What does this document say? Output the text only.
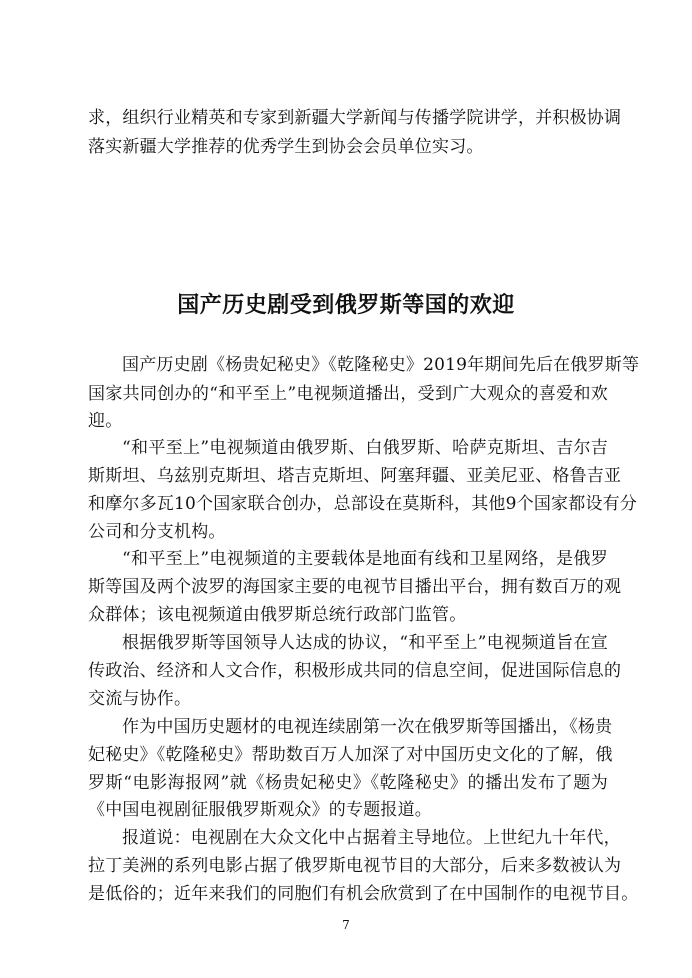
求，组织行业精英和专家到新疆大学新闻与传播学院讲学，并积极协调
落实新疆大学推荐的优秀学生到协会会员单位实习。
国产历史剧受到俄罗斯等国的欢迎
国产历史剧《杨贵妃秘史》《乾隆秘史》2019年期间先后在俄罗斯等
国家共同创办的“和平至上”电视频道播出，受到广大观众的喜爱和欢
迎。
“和平至上”电视频道由俄罗斯、白俄罗斯、哈萨克斯坦、吉尔吉
斯斯坦、乌兹别克斯坦、塔吉克斯坦、阿塞拜疆、亚美尼亚、格鲁吉亚
和摩尔多瓦10个国家联合创办，总部设在莫斯科，其他9个国家都设有分
公司和分支机构。
“和平至上”电视频道的主要载体是地面有线和卫星网络，是俄罗
斯等国及两个波罗的海国家主要的电视节目播出平台，拥有数百万的观
众群体；该电视频道由俄罗斯总统行政部门监管。
根据俄罗斯等国领导人达成的协议，“和平至上”电视频道旨在宣
传政治、经济和人文合作，积极形成共同的信息空间，促进国际信息的
交流与协作。
作为中国历史题材的电视连续剧第一次在俄罗斯等国播出，《杨贵
妃秘史》《乾隆秘史》帮助数百万人加深了对中国历史文化的了解，俄
罗斯“电影海报网”就《杨贵妃秘史》《乾隆秘史》的播出发布了题为
《中国电视剧征服俄罗斯观众》的专题报道。
报道说：电视剧在大众文化中占据着主导地位。上世纪九十年代，
拉丁美洲的系列电影占据了俄罗斯电视节目的大部分，后来多数被认为
是低俗的；近年来我们的同胞们有机会欣赏到了在中国制作的电视节目。
7
